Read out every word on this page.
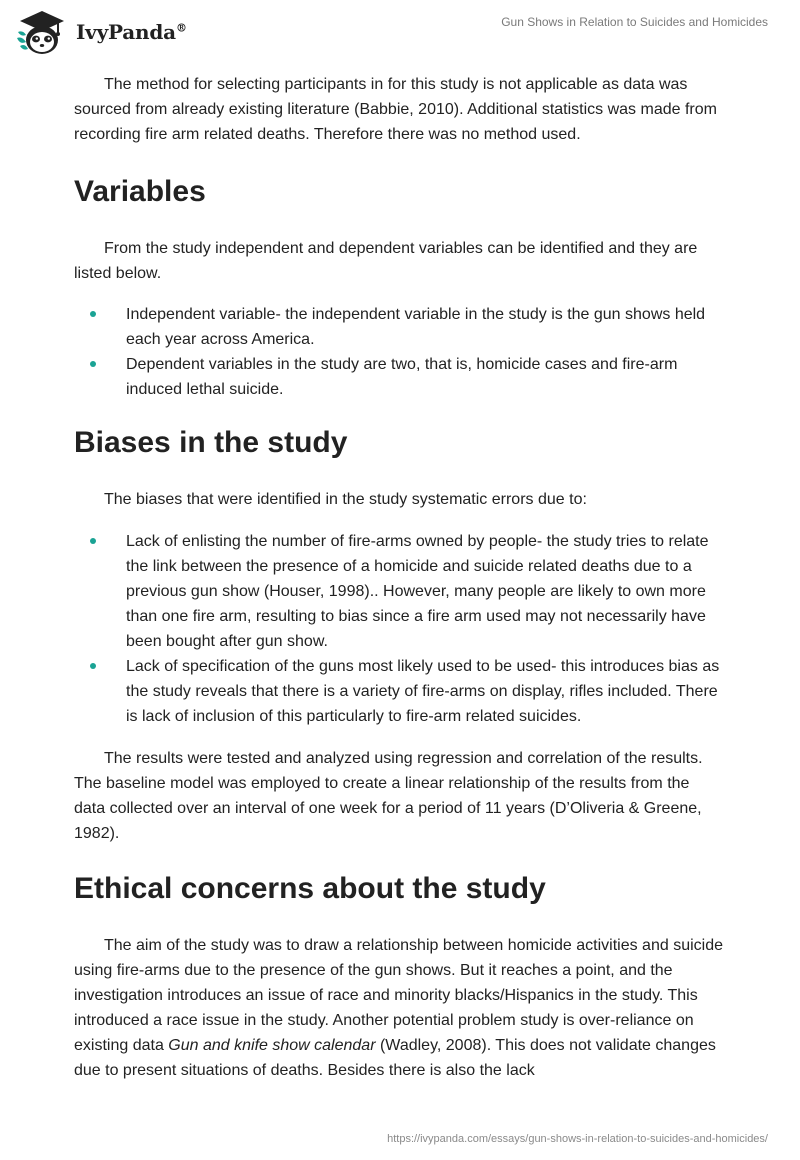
IvyPanda®	Gun Shows in Relation to Suicides and Homicides

The method for selecting participants in for this study is not applicable as data was sourced from already existing literature (Babbie, 2010). Additional statistics was made from recording fire arm related deaths. Therefore there was no method used.

Variables

From the study independent and dependent variables can be identified and they are listed below.

Independent variable- the independent variable in the study is the gun shows held each year across America.
Dependent variables in the study are two, that is, homicide cases and fire-arm induced lethal suicide.
Biases in the study

The biases that were identified in the study systematic errors due to:

Lack of enlisting the number of fire-arms owned by people- the study tries to relate the link between the presence of a homicide and suicide related deaths due to a previous gun show (Houser, 1998).. However, many people are likely to own more than one fire arm, resulting to bias since a fire arm used may not necessarily have been bought after gun show.
Lack of specification of the guns most likely used to be used- this introduces bias as the study reveals that there is a variety of fire-arms on display, rifles included. There is lack of inclusion of this particularly to fire-arm related suicides.

The results were tested and analyzed using regression and correlation of the results. The baseline model was employed to create a linear relationship of the results from the data collected over an interval of one week for a period of 11 years (D’Oliveria & Greene, 1982).

Ethical concerns about the study

The aim of the study was to draw a relationship between homicide activities and suicide using fire-arms due to the presence of the gun shows. But it reaches a point, and the investigation introduces an issue of race and minority blacks/Hispanics in the study. This introduced a race issue in the study. Another potential problem study is over-reliance on existing data Gun and knife show calendar (Wadley, 2008). This does not validate changes due to present situations of deaths. Besides there is also the lack

https://ivypanda.com/essays/gun-shows-in-relation-to-suicides-and-homicides/
